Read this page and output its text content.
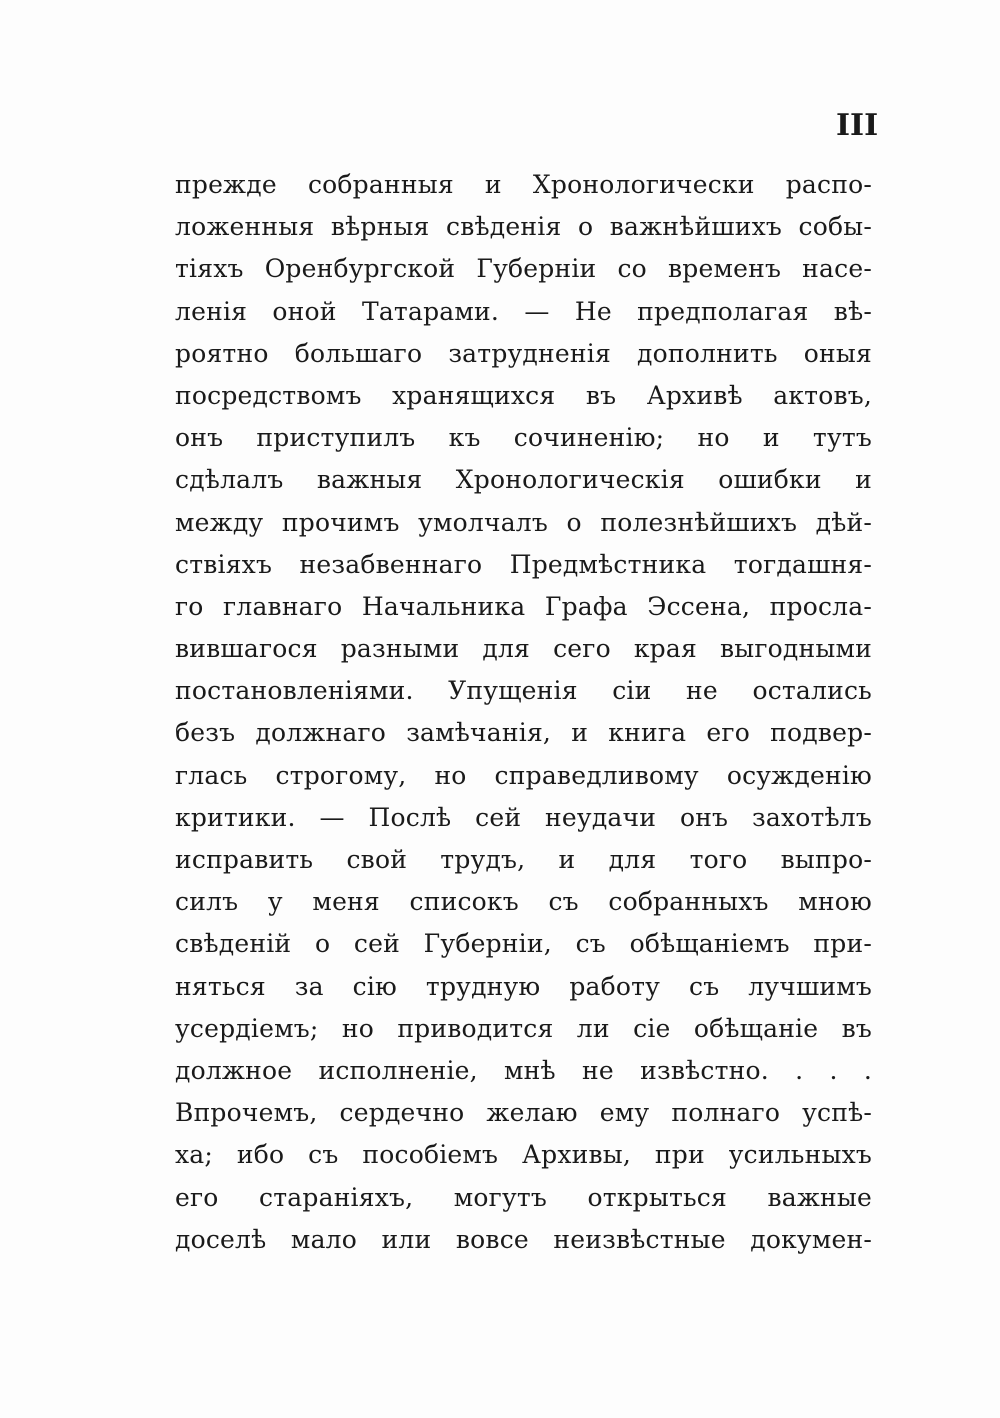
III
прежде собранныя и Хронологически распо-
ложенныя вѣрныя свѣденія о важнѣйшихъ собы-
тіяхъ Оренбургской Губерніи со временъ насе-
ленія оной Татарами. — Не предполагая вѣ-
роятно большаго затрудненія дополнить оныя
посредствомъ хранящихся въ Архивѣ актовъ,
онъ приступилъ къ сочиненію; но и тутъ
сдѣлалъ важныя Хронологическія ошибки и
между прочимъ умолчалъ о полезнѣйшихъ дѣй-
ствіяхъ незабвеннаго Предмѣстника тогдашня-
го главнаго Начальника Графа Эссена, просла-
вившагося разными для сего края выгодными
постановленіями. Упущенія сіи не остались
безъ должнаго замѣчанія, и книга его подвер-
глась строгому, но справедливому осужденію
критики. — Послѣ сей неудачи онъ захотѣлъ
исправить свой трудъ, и для того выпро-
силъ у меня списокъ съ собранныхъ мною
свѣденій о сей Губерніи, съ обѣщаніемъ при-
няться за сію трудную работу съ лучшимъ
усердіемъ; но приводится ли сіе обѣщаніе въ
должное исполненіе, мнѣ не извѣстно. . . .
Впрочемъ, сердечно желаю ему полнаго успѣ-
ха; ибо съ пособіемъ Архивы, при усильныхъ
его стараніяхъ, могутъ открыться важные
доселѣ мало или вовсе неизвѣстные докумен-
